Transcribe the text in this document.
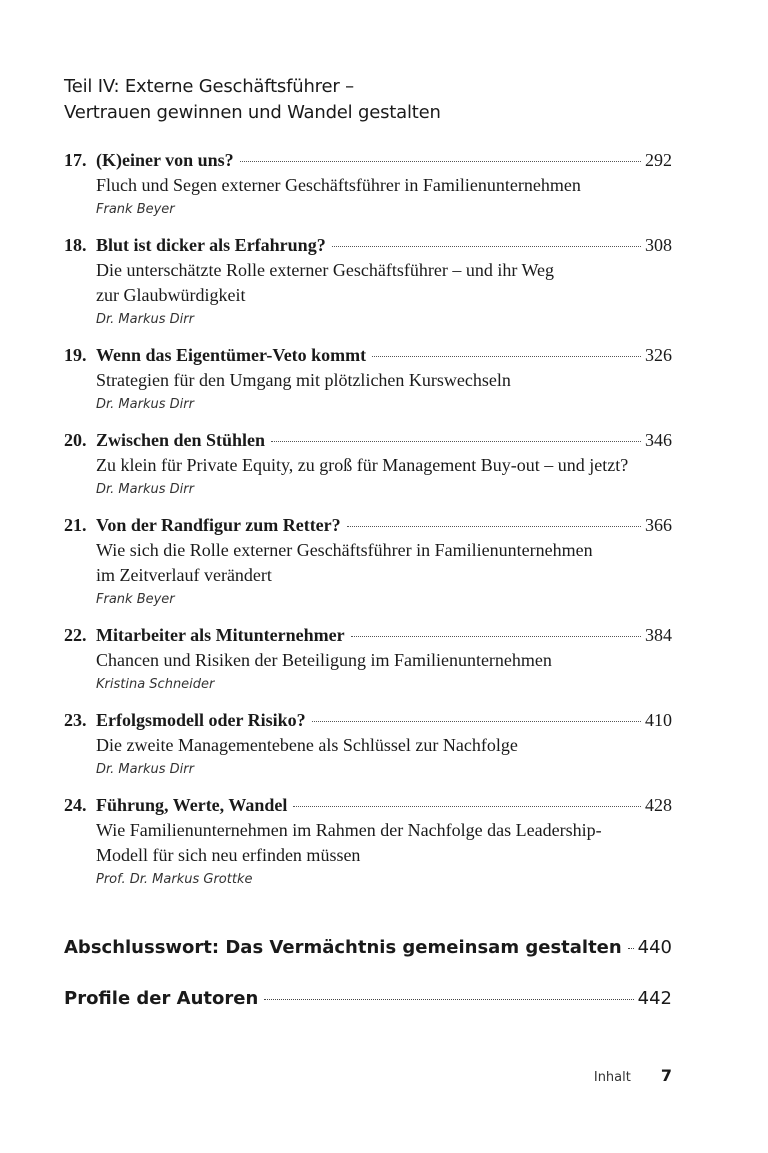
Teil IV: Externe Geschäftsführer –
Vertrauen gewinnen und Wandel gestalten
17. (K)einer von uns?	292
Fluch und Segen externer Geschäftsführer in Familienunternehmen
Frank Beyer
18. Blut ist dicker als Erfahrung?	308
Die unterschätzte Rolle externer Geschäftsführer – und ihr Weg
zur Glaubwürdigkeit
Dr. Markus Dirr
19. Wenn das Eigentümer-Veto kommt	326
Strategien für den Umgang mit plötzlichen Kurswechseln
Dr. Markus Dirr
20. Zwischen den Stühlen	346
Zu klein für Private Equity, zu groß für Management Buy-out – und jetzt?
Dr. Markus Dirr
21. Von der Randfigur zum Retter?	366
Wie sich die Rolle externer Geschäftsführer in Familienunternehmen
im Zeitverlauf verändert
Frank Beyer
22. Mitarbeiter als Mitunternehmer	384
Chancen und Risiken der Beteiligung im Familienunternehmen
Kristina Schneider
23. Erfolgsmodell oder Risiko?	410
Die zweite Managementebene als Schlüssel zur Nachfolge
Dr. Markus Dirr
24. Führung, Werte, Wandel	428
Wie Familienunternehmen im Rahmen der Nachfolge das Leadership-
Modell für sich neu erfinden müssen
Prof. Dr. Markus Grottke
Abschlusswort: Das Vermächtnis gemeinsam gestalten 440
Profile der Autoren	442
Inhalt 7
